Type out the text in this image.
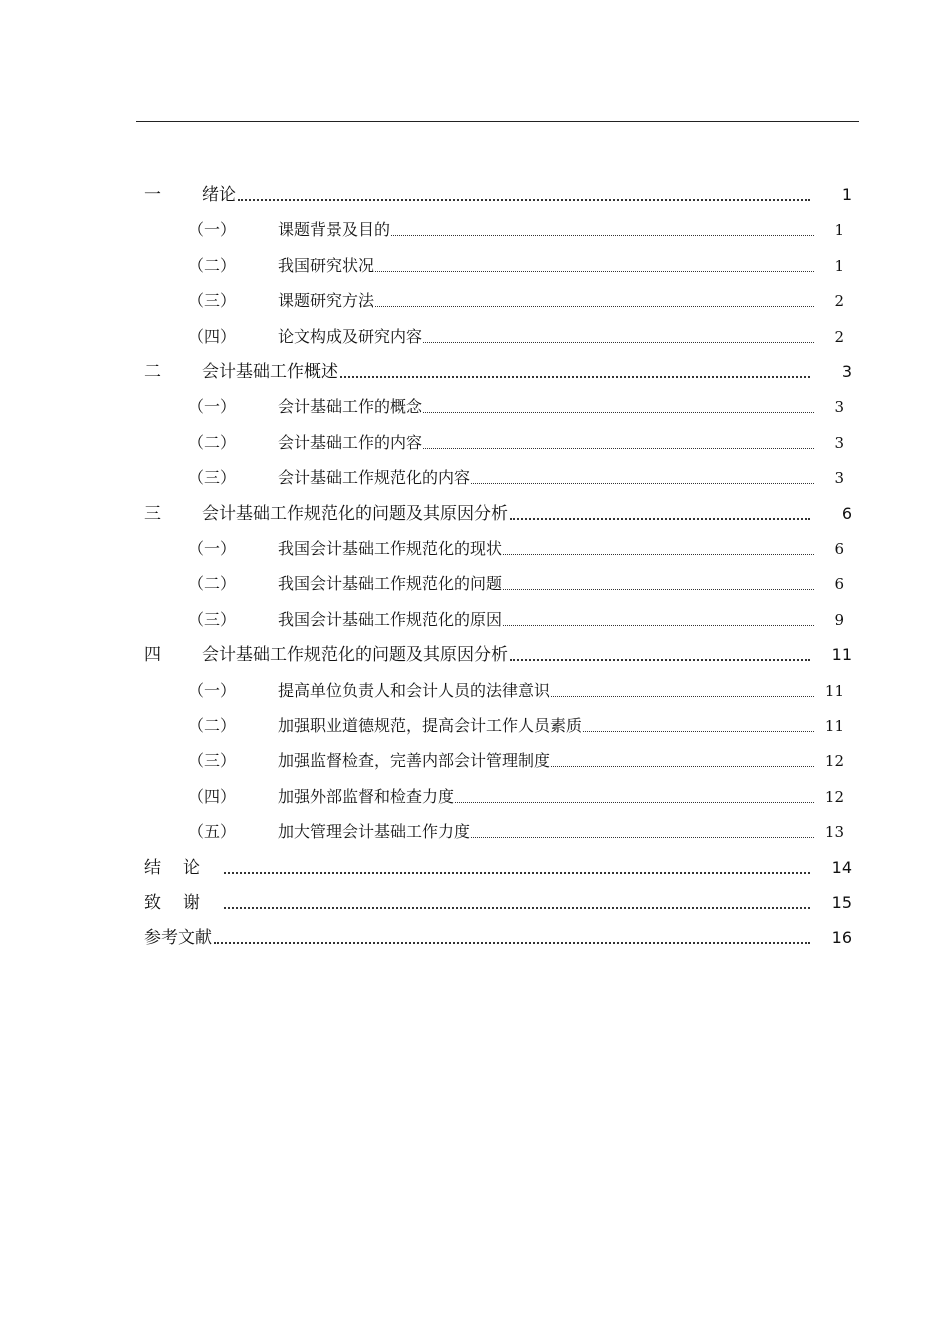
一 绪论	1
（一）	课题背景及目的	1
（二）	我国研究状况	1
（三）	课题研究方法	2
（四）	论文构成及研究内容	2
二 会计基础工作概述	3
（一）	会计基础工作的概念	3
（二）	会计基础工作的内容	3
（三）	会计基础工作规范化的内容	3
三 会计基础工作规范化的问题及其原因分析	6
（一）	我国会计基础工作规范化的现状	6
（二）	我国会计基础工作规范化的问题	6
（三）	我国会计基础工作规范化的原因	9
四 会计基础工作规范化的问题及其原因分析	11
（一）	提高单位负责人和会计人员的法律意识	11
（二）	加强职业道德规范，提高会计工作人员素质	11
（三）	加强监督检查，完善内部会计管理制度	12
（四）	加强外部监督和检查力度	12
（五）	加大管理会计基础工作力度	13
结论	14
致谢	15
参考文献	16
